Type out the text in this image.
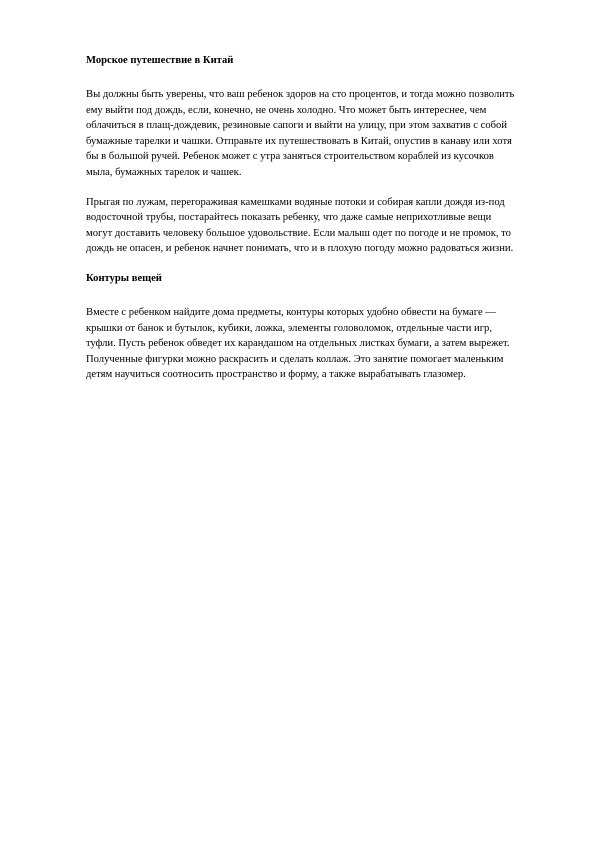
Морское путешествие в Китай

Вы должны быть уверены, что ваш ребенок здоров на сто процентов, и тогда можно позволить ему выйти под дождь, если, конечно, не очень холодно. Что может быть интереснее, чем облачиться в плащ-дождевик, резиновые сапоги и выйти на улицу, при этом захватив с собой бумажные тарелки и чашки. Отправьте их путешествовать в Китай, опустив в канаву или хотя бы в большой ручей. Ребенок может с утра заняться строительством кораблей из кусочков мыла, бумажных тарелок и чашек.

Прыгая по лужам, перегораживая камешками водяные потоки и собирая капли дождя из-под водосточной трубы, постарайтесь показать ребенку, что даже самые неприхотливые вещи могут доставить человеку большое удовольствие. Если малыш одет по погоде и не промок, то дождь не опасен, и ребенок начнет понимать, что и в плохую погоду можно радоваться жизни.

Контуры вещей

Вместе с ребенком найдите дома предметы, контуры которых удобно обвести на бумаге — крышки от банок и бутылок, кубики, ложка, элементы головоломок, отдельные части игр, туфли. Пусть ребенок обведет их карандашом на отдельных листках бумаги, а затем вырежет. Полученные фигурки можно раскрасить и сделать коллаж. Это занятие помогает маленьким детям научиться соотносить пространство и форму, а также вырабатывать глазомер.
